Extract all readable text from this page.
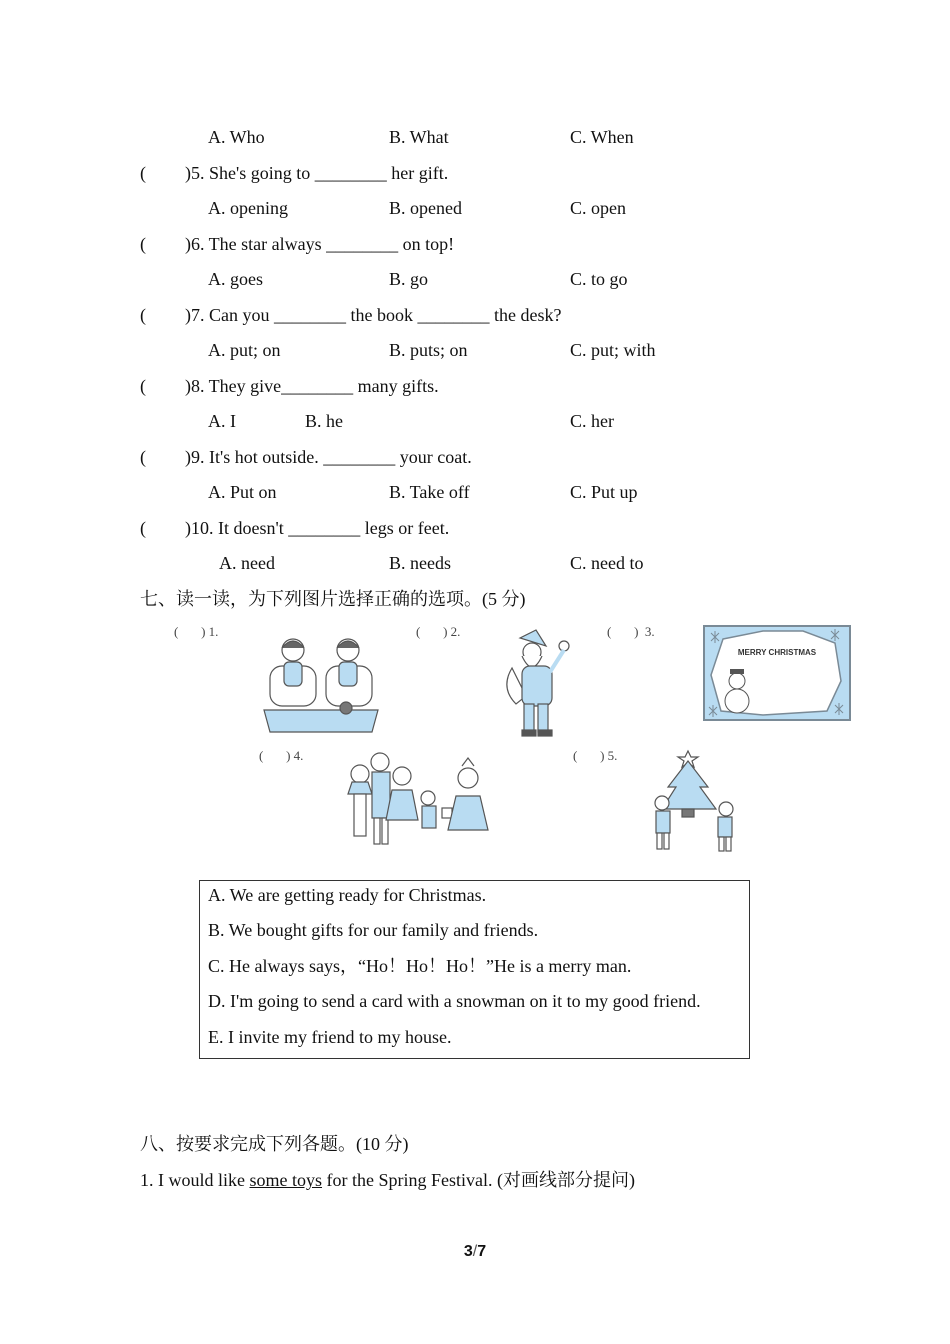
A. Who	B. What	C. When
( )5. She's going to ________ her gift.
A. opening	B. opened	C. open
( )6. The star always ________ on top!
A. goes	B. go	C. to go
( )7. Can you ________ the book ________ the desk?
A. put; on	B. puts; on	C. put; with
( )8. They give________ many gifts.
A. I	B. he	C. her
( )9. It's hot outside. ________ your coat.
A. Put on	B. Take off	C. Put up
( )10. It doesn't ________ legs or feet.
A. need	B. needs	C. need to
七、读一读，为下列图片选择正确的选项。(5 分)
(       ) 1.	(       ) 2.	(       )  3.
(       ) 4.	(       ) 5.
MERRY CHRISTMAS
A. We are getting ready for Christmas.
B. We bought gifts for our family and friends.
C. He always says，“Ho！Ho！Ho！”He is a merry man.
D. I'm going to send a card with a snowman on it to my good friend.
E. I invite my friend to my house.
八、按要求完成下列各题。(10 分)
1. I would like some toys for the Spring Festival. (对画线部分提问)
3/7
